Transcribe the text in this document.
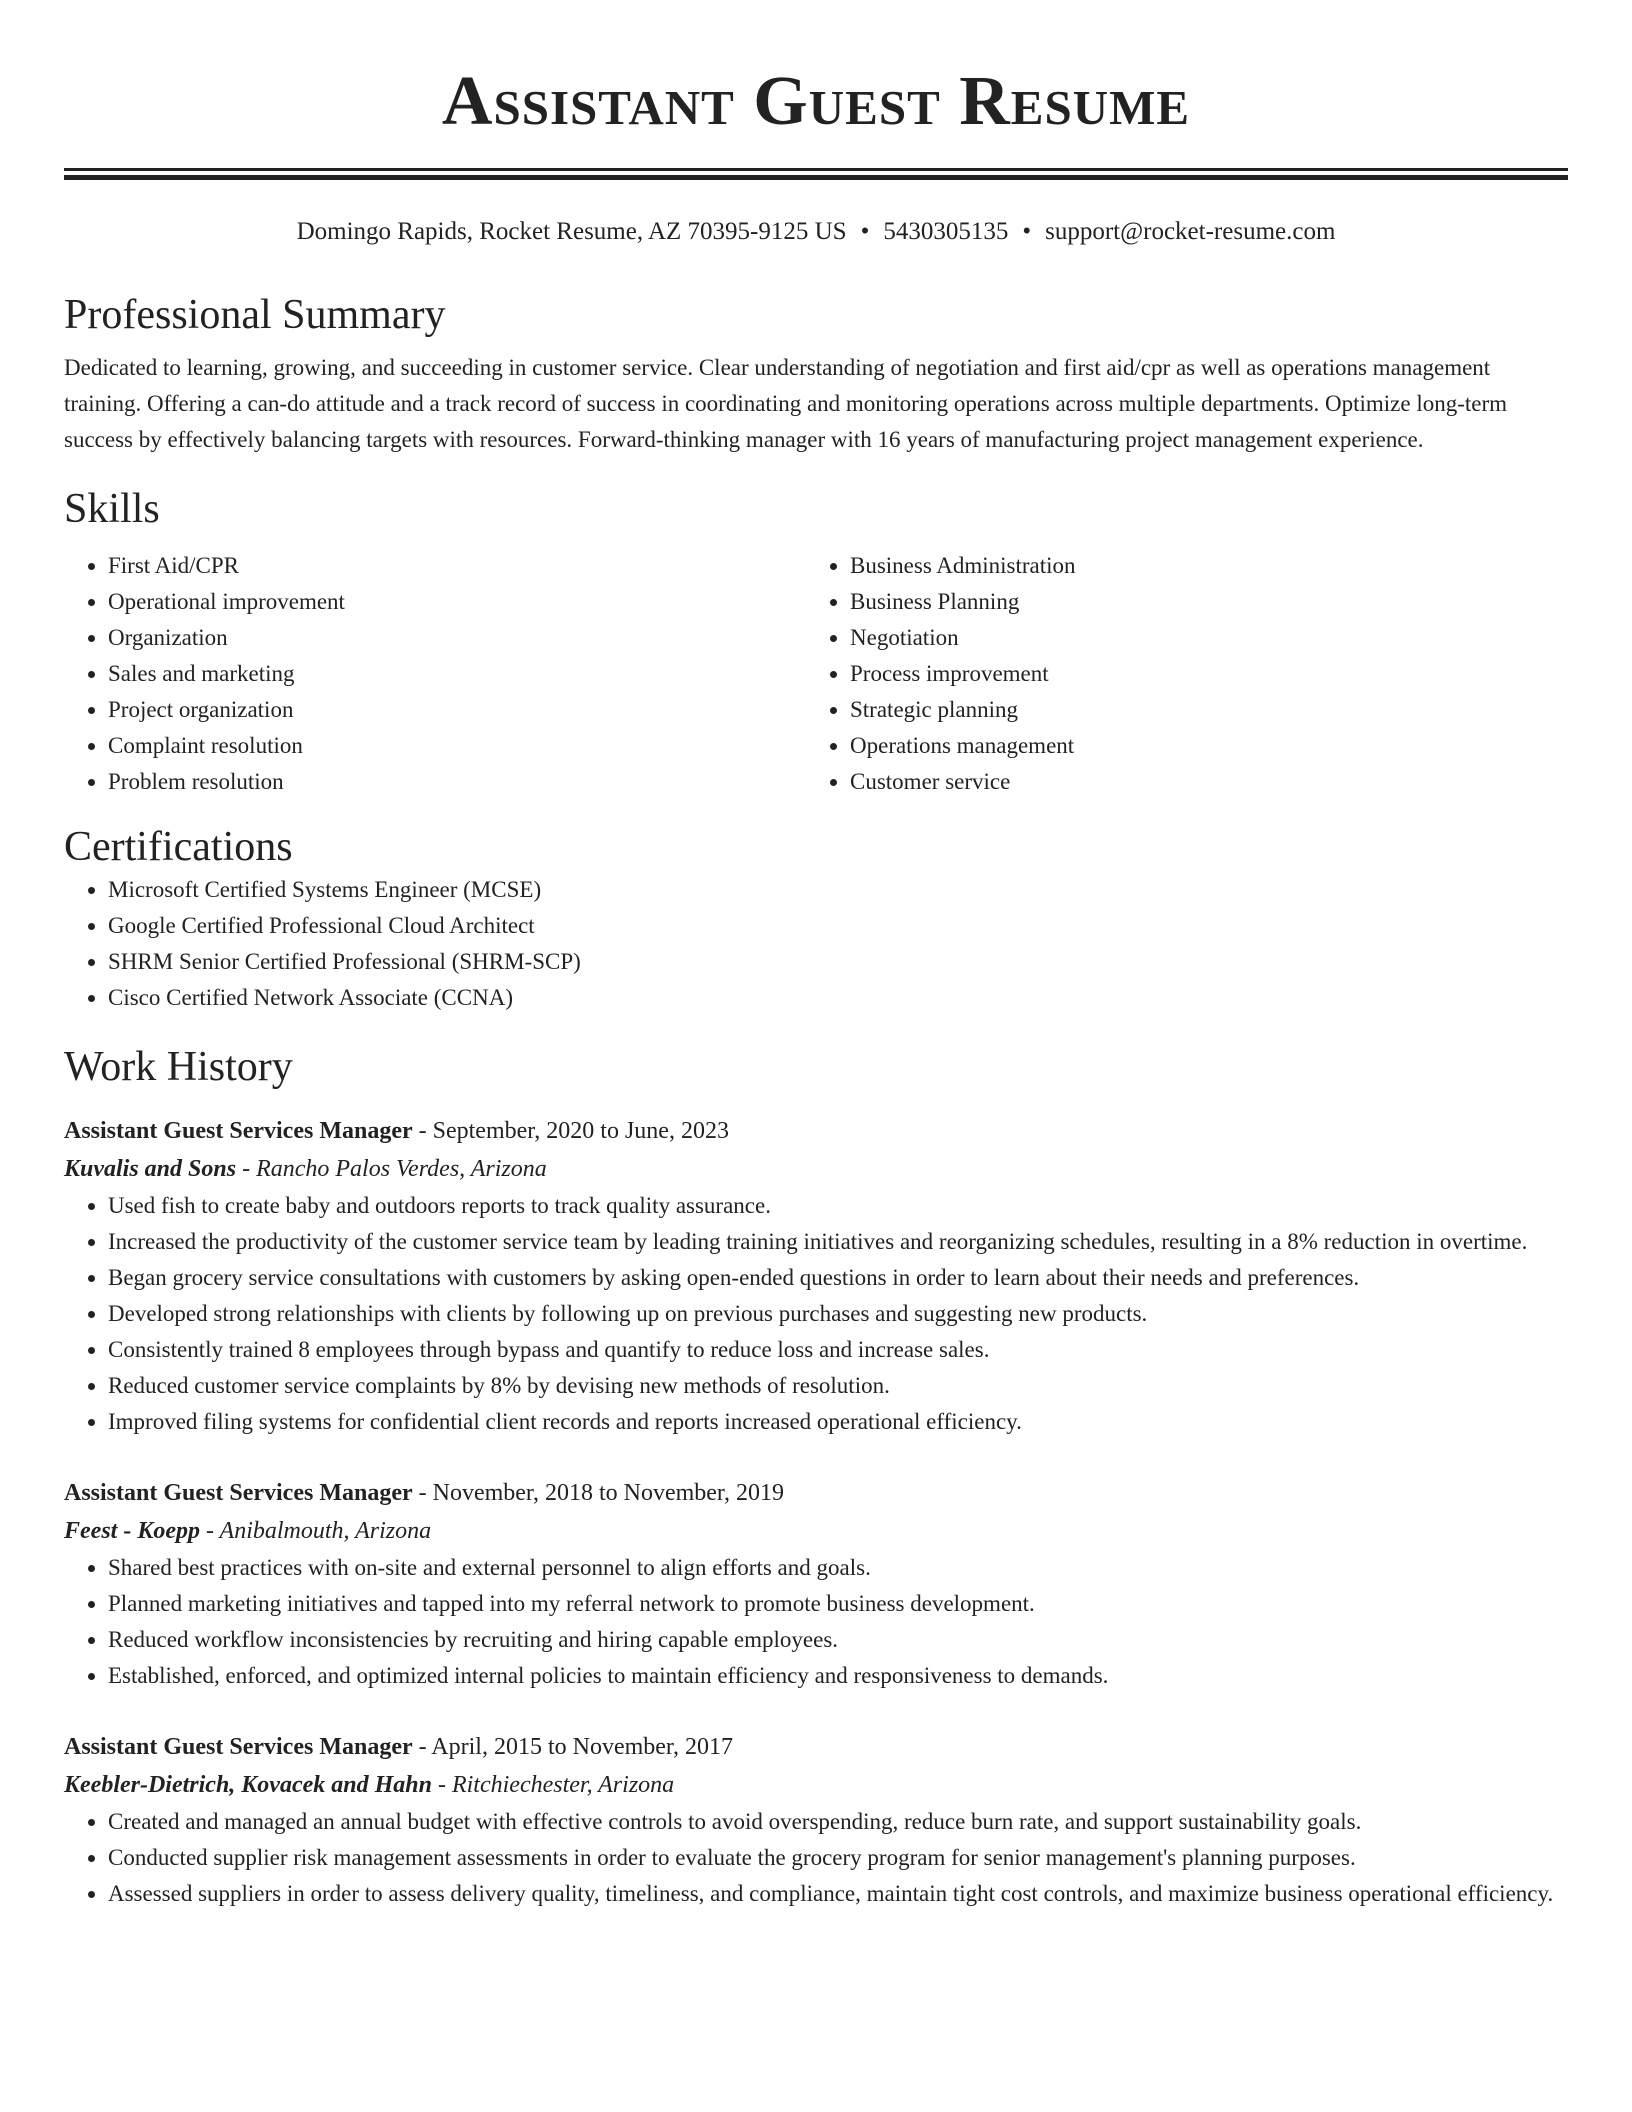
Assistant Guest Resume
Domingo Rapids, Rocket Resume, AZ 70395-9125 US • 5430305135 • support@rocket-resume.com
Professional Summary

Dedicated to learning, growing, and succeeding in customer service. Clear understanding of negotiation and first aid/cpr as well as operations management training. Offering a can-do attitude and a track record of success in coordinating and monitoring operations across multiple departments. Optimize long-term success by effectively balancing targets with resources. Forward-thinking manager with 16 years of manufacturing project management experience.

Skills
• First Aid/CPR
• Operational improvement
• Organization
• Sales and marketing
• Project organization
• Complaint resolution
• Problem resolution
• Business Administration
• Business Planning
• Negotiation
• Process improvement
• Strategic planning
• Operations management
• Customer service
Certifications
• Microsoft Certified Systems Engineer (MCSE)
• Google Certified Professional Cloud Architect
• SHRM Senior Certified Professional (SHRM-SCP)
• Cisco Certified Network Associate (CCNA)
Work History
Assistant Guest Services Manager - September, 2020 to June, 2023
Kuvalis and Sons - Rancho Palos Verdes, Arizona
• Used fish to create baby and outdoors reports to track quality assurance.
• Increased the productivity of the customer service team by leading training initiatives and reorganizing schedules, resulting in a 8% reduction in overtime.
• Began grocery service consultations with customers by asking open-ended questions in order to learn about their needs and preferences.
• Developed strong relationships with clients by following up on previous purchases and suggesting new products.
• Consistently trained 8 employees through bypass and quantify to reduce loss and increase sales.
• Reduced customer service complaints by 8% by devising new methods of resolution.
• Improved filing systems for confidential client records and reports increased operational efficiency.
Assistant Guest Services Manager - November, 2018 to November, 2019
Feest - Koepp - Anibalmouth, Arizona
• Shared best practices with on-site and external personnel to align efforts and goals.
• Planned marketing initiatives and tapped into my referral network to promote business development.
• Reduced workflow inconsistencies by recruiting and hiring capable employees.
• Established, enforced, and optimized internal policies to maintain efficiency and responsiveness to demands.
Assistant Guest Services Manager - April, 2015 to November, 2017
Keebler-Dietrich, Kovacek and Hahn - Ritchiechester, Arizona
• Created and managed an annual budget with effective controls to avoid overspending, reduce burn rate, and support sustainability goals.
• Conducted supplier risk management assessments in order to evaluate the grocery program for senior management's planning purposes.
• Assessed suppliers in order to assess delivery quality, timeliness, and compliance, maintain tight cost controls, and maximize business operational efficiency.
